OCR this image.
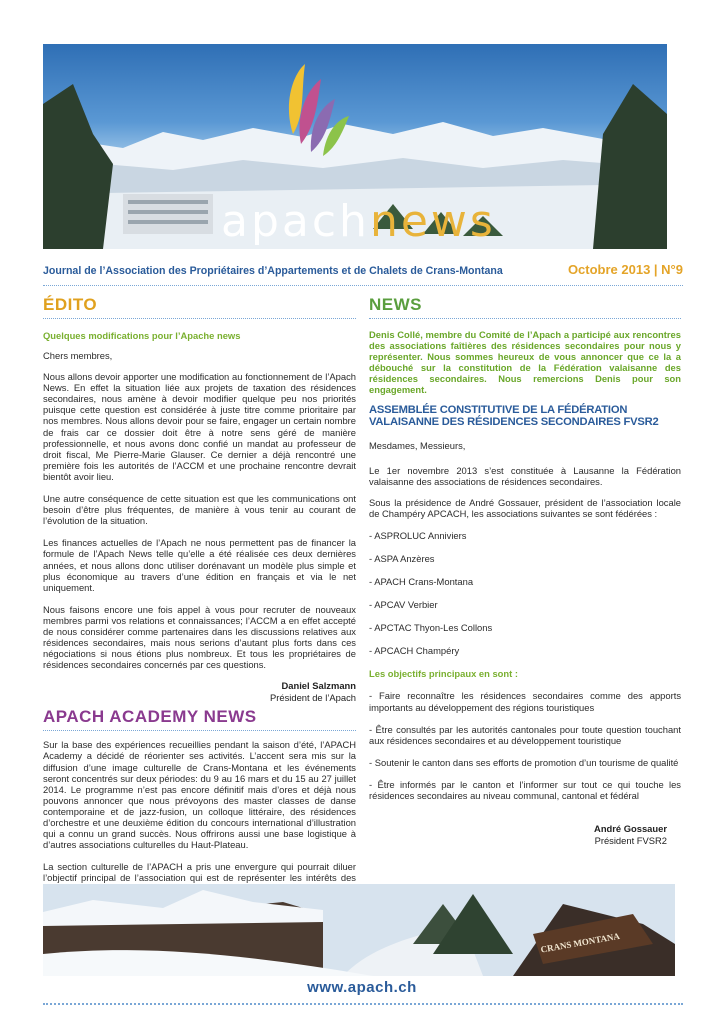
apachnews
Journal de l’Association des Propriétaires d’Appartements et de Chalets de Crans-Montana	Octobre 2013 | N°9
ÉDITO
Quelques modifications pour l’Apache news
Chers membres,
Nous allons devoir apporter une modification au fonctionnement de l’Apach News. En effet la situation liée aux projets de taxation des résidences secondaires, nous amène à devoir modifier quelque peu nos priorités puisque cette question est considérée à juste titre comme prioritaire par nos membres. Nous allons devoir pour se faire, engager un certain nombre de frais car ce dossier doit être à notre sens géré de manière professionnelle, et nous avons donc confié un mandat au professeur de droit fiscal, Me Pierre-Marie Glauser. Ce dernier a déjà rencontré une première fois les autorités de l’ACCM et une prochaine rencontre devrait bientôt avoir lieu.
Une autre conséquence de cette situation est que les communications ont besoin d’être plus fréquentes, de manière à vous tenir au courant de l’évolution de la situation.
Les finances actuelles de l’Apach ne nous permettent pas de financer la formule de l’Apach News telle qu’elle a été réalisée ces deux dernières années, et nous allons donc utiliser dorénavant un modèle plus simple et plus économique au travers d’une édition en français et via le net uniquement.
Nous faisons encore une fois appel à vous pour recruter de nouveaux membres parmi vos relations et connaissances; l’ACCM a en effet accepté de nous considérer comme partenaires dans les discussions relatives aux résidences secondaires, mais nous serions d’autant plus forts dans ces négociations si nous étions plus nombreux. Et tous les propriétaires de résidences secondaires concernés par ces questions.
Daniel Salzmann
Président de l’Apach
APACH ACADEMY NEWS
Sur la base des expériences recueillies pendant la saison d’été, l’APACH Academy a décidé de réorienter ses activités. L’accent sera mis sur la diffusion d’une image culturelle de Crans-Montana et les événements seront concentrés sur deux périodes: du 9 au 16 mars et du 15 au 27 juillet 2014. Le programme n’est pas encore définitif mais d’ores et déjà nous pouvons annoncer que nous prévoyons des master classes de danse contemporaine et de jazz-fusion, un colloque littéraire, des résidences d’orchestre et une deuxième édition du concours international d’illustration qui a connu un grand succès. Nous offrirons aussi une base logistique à d’autres associations culturelles du Haut-Plateau.
La section culturelle de l’APACH a pris une envergure qui pourrait diluer l’objectif principal de l’association qui est de représenter les intérêts des
NEWS
Denis Collé, membre du Comité de l’Apach a participé aux rencontres des associations faîtières des résidences secondaires pour nous y représenter. Nous sommes heureux de vous annoncer que ce la a débouché sur la constitution de la Fédération valaisanne des résidences secondaires. Nous remercions Denis pour son engagement.
ASSEMBLÉE CONSTITUTIVE DE LA FÉDÉRATION VALAISANNE DES RÉSIDENCES SECONDAIRES FVSR2
Mesdames, Messieurs,
Le 1er novembre 2013 s’est constituée à Lausanne la Fédération valaisanne des associations de résidences secondaires.
Sous la présidence de André Gossauer, président de l’association locale de Champéry APCACH, les associations suivantes se sont fédérées :
- ASPROLUC Anniviers
- ASPA Anzères
- APACH Crans-Montana
- APCAV Verbier
- APCTAC Thyon-Les Collons
- APCACH Champéry
Les objectifs principaux en sont :
- Faire reconnaître les résidences secondaires comme des apports importants au développement des régions touristiques
- Être consultés par les autorités cantonales pour toute question touchant aux résidences secondaires et au développement touristique
- Soutenir le canton dans ses efforts de promotion d’un tourisme de qualité
- Être informés par le canton et l’informer sur tout ce qui touche les résidences secondaires au niveau communal, cantonal et fédéral
André Gossauer
Président FVSR2
CRANS MONTANA
www.apach.ch
